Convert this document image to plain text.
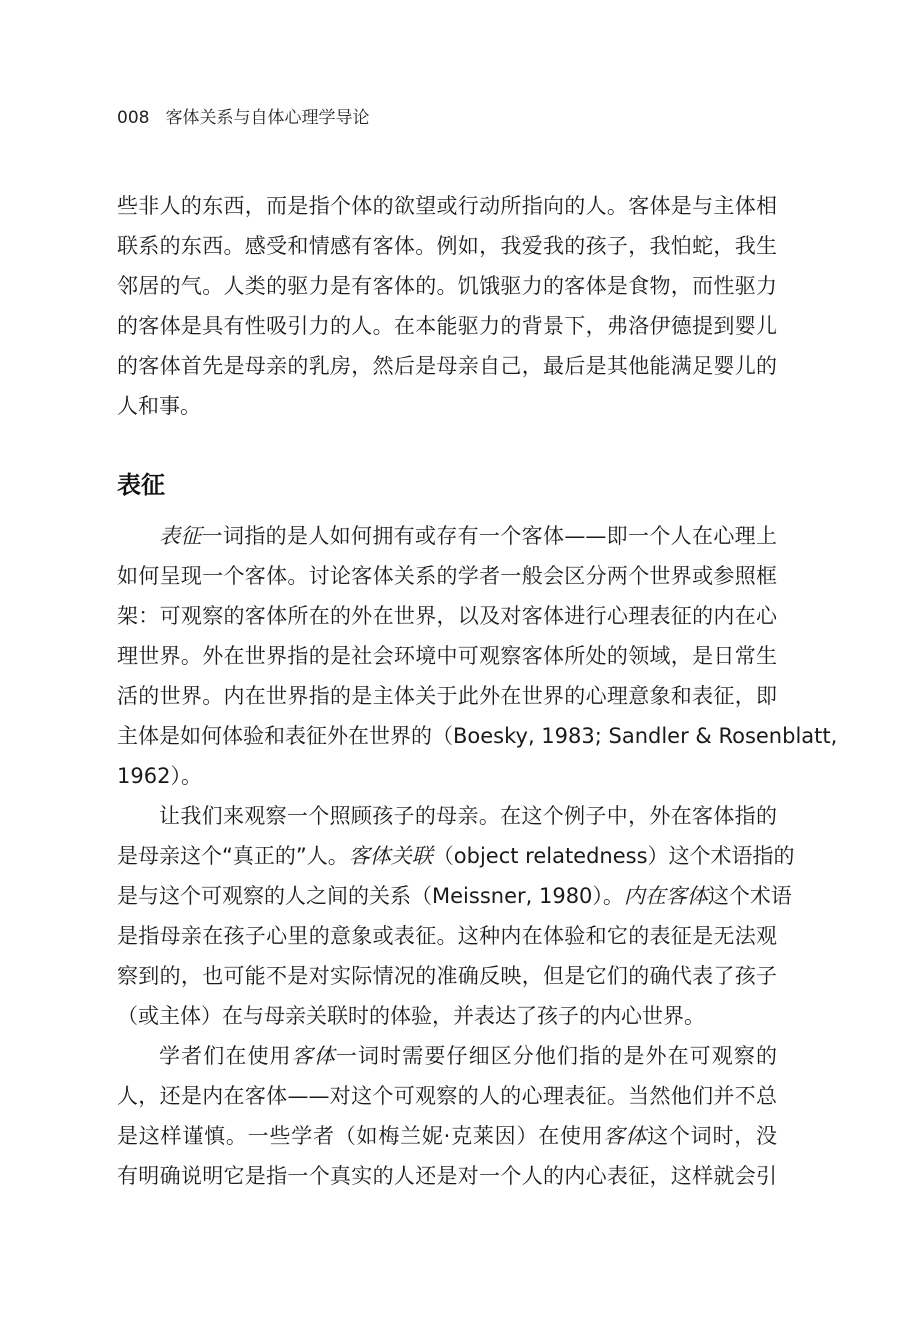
008 客体关系与自体心理学导论
些非人的东西，而是指个体的欲望或行动所指向的人。客体是与主体相
联系的东西。感受和情感有客体。例如，我爱我的孩子，我怕蛇，我生
邻居的气。人类的驱力是有客体的。饥饿驱力的客体是食物，而性驱力
的客体是具有性吸引力的人。在本能驱力的背景下，弗洛伊德提到婴儿
的客体首先是母亲的乳房，然后是母亲自己，最后是其他能满足婴儿的
人和事。
表征
表征一词指的是人如何拥有或存有一个客体——即一个人在心理上
如何呈现一个客体。讨论客体关系的学者一般会区分两个世界或参照框
架：可观察的客体所在的外在世界，以及对客体进行心理表征的内在心
理世界。外在世界指的是社会环境中可观察客体所处的领域，是日常生
活的世界。内在世界指的是主体关于此外在世界的心理意象和表征，即
主体是如何体验和表征外在世界的（Boesky, 1983; Sandler & Rosenblatt,
1962）。
让我们来观察一个照顾孩子的母亲。在这个例子中，外在客体指的
是母亲这个“真正的”人。客体关联（object relatedness）这个术语指的
是与这个可观察的人之间的关系（Meissner, 1980）。内在客体这个术语
是指母亲在孩子心里的意象或表征。这种内在体验和它的表征是无法观
察到的，也可能不是对实际情况的准确反映，但是它们的确代表了孩子
（或主体）在与母亲关联时的体验，并表达了孩子的内心世界。
学者们在使用客体一词时需要仔细区分他们指的是外在可观察的
人，还是内在客体——对这个可观察的人的心理表征。当然他们并不总
是这样谨慎。一些学者（如梅兰妮·克莱因）在使用客体这个词时，没
有明确说明它是指一个真实的人还是对一个人的内心表征，这样就会引
